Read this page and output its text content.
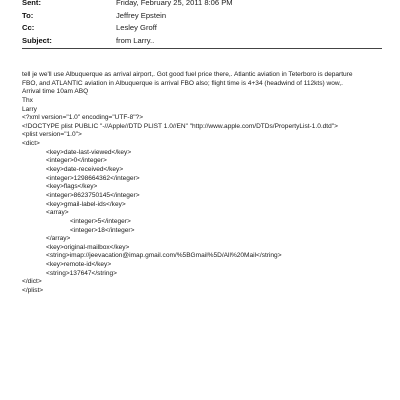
Sent:	Friday, February 25, 2011 8:06 PM
To:	Jeffrey Epstein
Cc:	Lesley Groff
Subject:	from Larry..
tell je we'll use Albuquerque as arrival airport,. Got good fuel price there,. Atlantic aviation in Teterboro is departure
FBO, and ATLANTIC aviation in Albuquerque is arrival FBO also; flight time is 4+34 (headwind of 112kts) wow,.
Arrival time 10am ABQ
Thx
Larry
<?xml version="1.0" encoding="UTF-8"?>
<!DOCTYPE plist PUBLIC "-//Apple//DTD PLIST 1.0//EN" "http://www.apple.com/DTDs/PropertyList-1.0.dtd">
<plist version="1.0">
<dict>
<key>date-last-viewed</key>
<integer>0</integer>
<key>date-received</key>
<integer>1298664362</integer>
<key>flags</key>
<integer>8623750145</integer>
<key>gmail-label-ids</key>
<array>
<integer>5</integer>
<integer>18</integer>
</array>
<key>original-mailbox</key>
<string>imap://jeevacation@imap.gmail.com/%5BGmail%5D/All%20Mail</string>
<key>remote-id</key>
<string>137647</string>
</dict>
</plist>
